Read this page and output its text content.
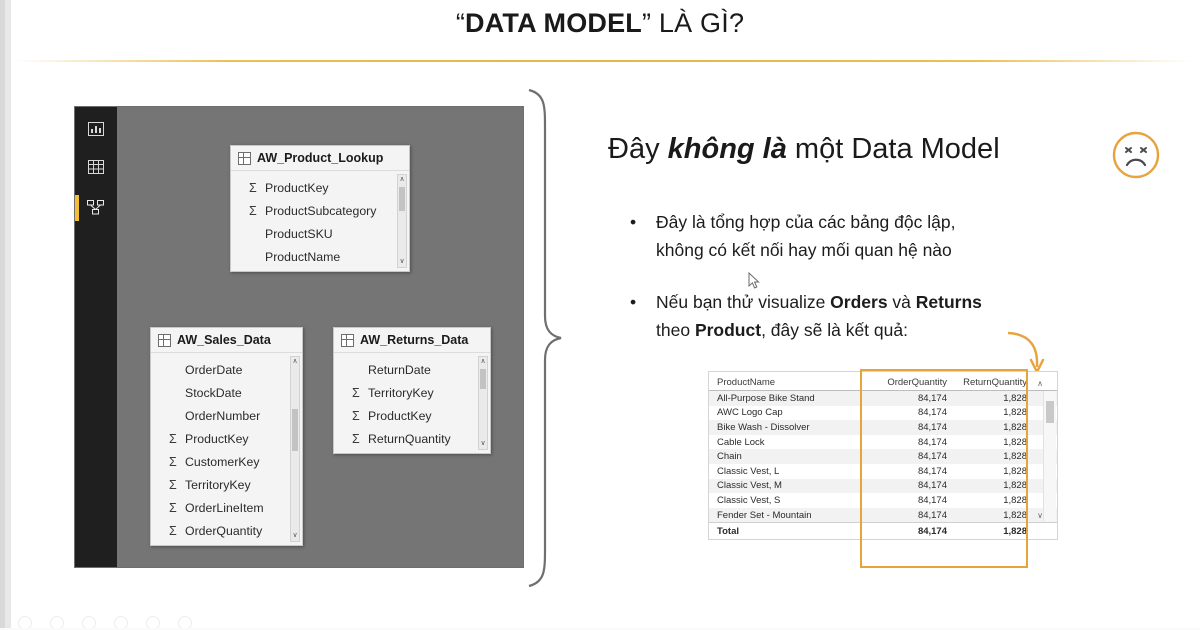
“DATA MODEL” LÀ GÌ?
AW_Product_Lookup
Σ ProductKey
Σ ProductSubcategory
ProductSKU
ProductName
∧
∨
AW_Sales_Data
OrderDate
StockDate
OrderNumber
Σ ProductKey
Σ CustomerKey
Σ TerritoryKey
Σ OrderLineItem
Σ OrderQuantity
∧
∨
AW_Returns_Data
ReturnDate
Σ TerritoryKey
Σ ProductKey
Σ ReturnQuantity
∧
∨
Đây không là một Data Model
• Đây là tổng hợp của các bảng độc lập,
không có kết nối hay mối quan hệ nào
• Nếu bạn thử visualize Orders và Returns
theo Product, đây sẽ là kết quả:
ProductName	OrderQuantity	ReturnQuantity	∧
All-Purpose Bike Stand	84,174	1,828
AWC Logo Cap	84,174	1,828
Bike Wash - Dissolver	84,174	1,828
Cable Lock	84,174	1,828
Chain	84,174	1,828
Classic Vest, L	84,174	1,828
Classic Vest, M	84,174	1,828
Classic Vest, S	84,174	1,828
Fender Set - Mountain	84,174	1,828	∨
Total	84,174	1,828
